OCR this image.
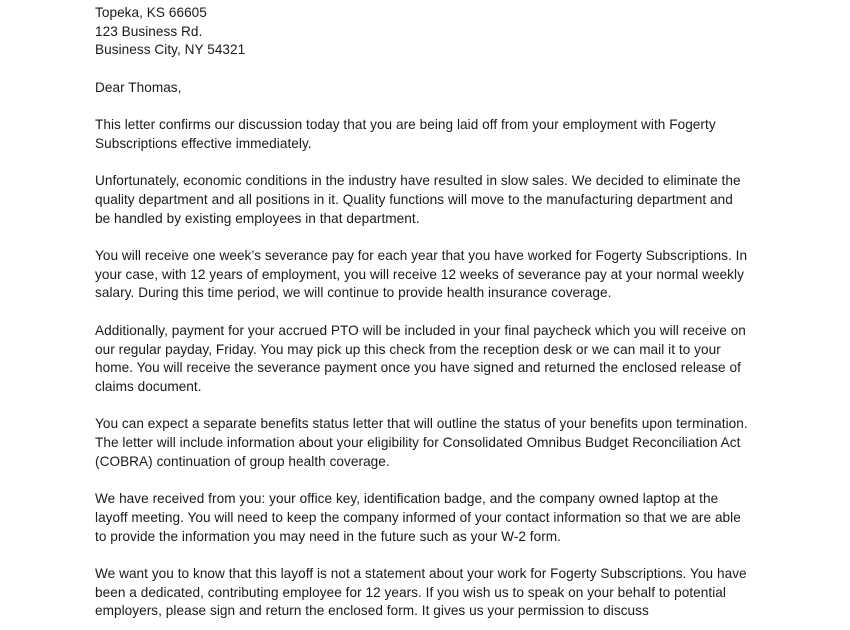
Topeka, KS 66605
123 Business Rd.
Business City, NY 54321
Dear Thomas,

This letter confirms our discussion today that you are being laid off from your employment with Fogerty Subscriptions effective immediately.

Unfortunately, economic conditions in the industry have resulted in slow sales. We decided to eliminate the quality department and all positions in it. Quality functions will move to the manufacturing department and be handled by existing employees in that department.

You will receive one week’s severance pay for each year that you have worked for Fogerty Subscriptions. In your case, with 12 years of employment, you will receive 12 weeks of severance pay at your normal weekly salary. During this time period, we will continue to provide health insurance coverage.

Additionally, payment for your accrued PTO will be included in your final paycheck which you will receive on our regular payday, Friday. You may pick up this check from the reception desk or we can mail it to your home. You will receive the severance payment once you have signed and returned the enclosed release of claims document.

You can expect a separate benefits status letter that will outline the status of your benefits upon termination. The letter will include information about your eligibility for Consolidated Omnibus Budget Reconciliation Act (COBRA) continuation of group health coverage.

We have received from you: your office key, identification badge, and the company owned laptop at the layoff meeting. You will need to keep the company informed of your contact information so that we are able to provide the information you may need in the future such as your W-2 form.

We want you to know that this layoff is not a statement about your work for Fogerty Subscriptions. You have been a dedicated, contributing employee for 12 years. If you wish us to speak on your behalf to potential employers, please sign and return the enclosed form. It gives us your permission to discuss
